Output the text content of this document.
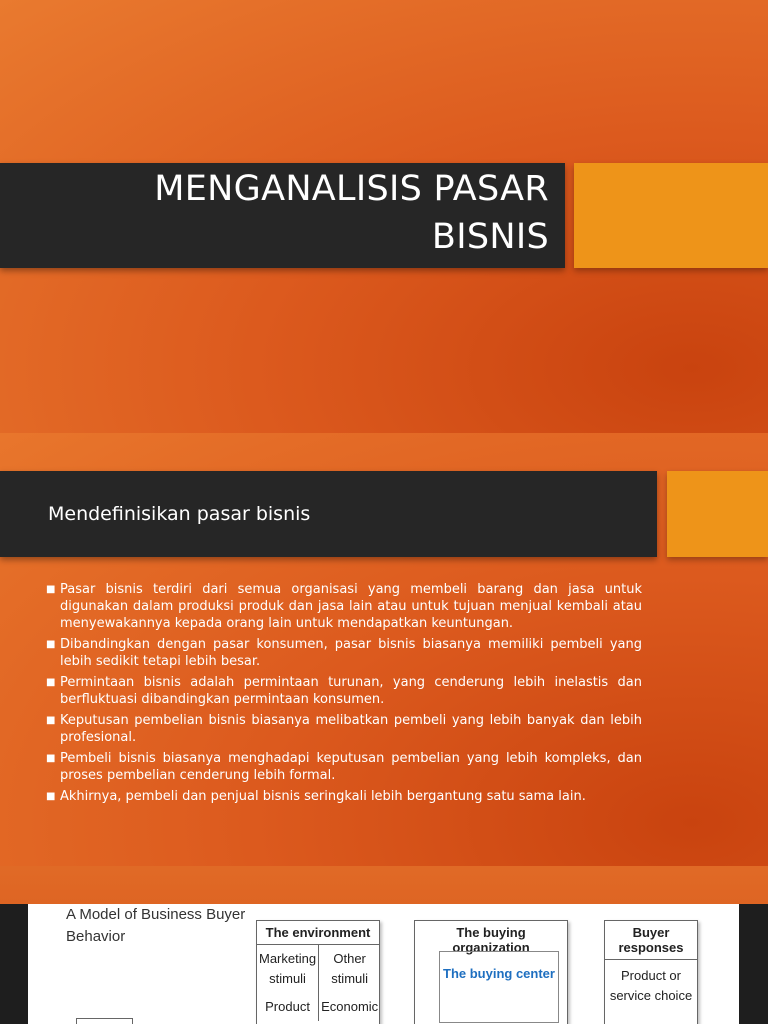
MENGANALISIS PASAR
BISNIS
Mendefinisikan pasar bisnis
■ Pasar bisnis terdiri dari semua organisasi yang membeli barang dan jasa untuk digunakan dalam produksi produk dan jasa lain atau untuk tujuan menjual kembali atau menyewakannya kepada orang lain untuk mendapatkan keuntungan.
■ Dibandingkan dengan pasar konsumen, pasar bisnis biasanya memiliki pembeli yang lebih sedikit tetapi lebih besar.
■ Permintaan bisnis adalah permintaan turunan, yang cenderung lebih inelastis dan berfluktuasi dibandingkan permintaan konsumen.
■ Keputusan pembelian bisnis biasanya melibatkan pembeli yang lebih banyak dan lebih profesional.
■ Pembeli bisnis biasanya menghadapi keputusan pembelian yang lebih kompleks, dan proses pembelian cenderung lebih formal.
■ Akhirnya, pembeli dan penjual bisnis seringkali lebih bergantung satu sama lain.
A Model of Business Buyer
Behavior	The environment
Marketing
stimuli
Product
Other
stimuli
Economic
The buying organization
The buying center
Buyer responses
Product or
service choice
